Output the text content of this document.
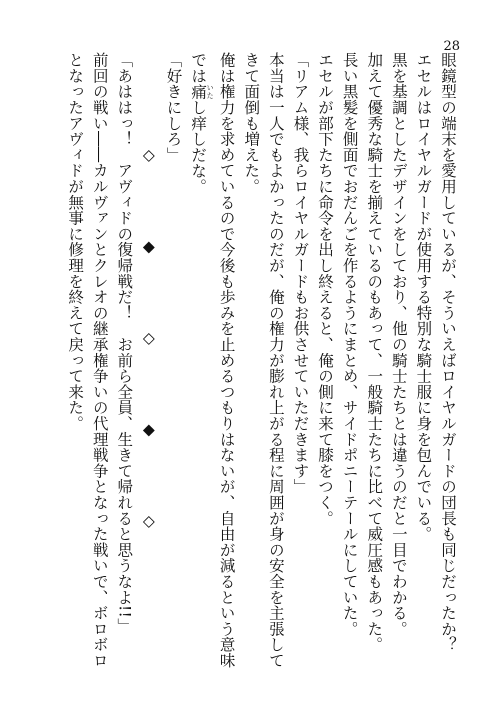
28
眼鏡型の端末を愛用しているが、そういえばロイヤルガードの団長も同じだったか？
エセルはロイヤルガードが使用する特別な騎士服に身を包んでいる。
黒を基調としたデザインをしており、他の騎士たちとは違うのだと一目でわかる。
加えて優秀な騎士を揃えているのもあって、一般騎士たちに比べて威圧感もあった。
長い黒髪を側面でおだんごを作るようにまとめ、サイドポニーテールにしていた。
エセルが部下たちに命令を出し終えると、俺の側に来て膝をつく。
「リアム様、我らロイヤルガードもお供させていただきます」
本当は一人でもよかったのだが、俺の権力が膨れ上がる程に周囲が身の安全を主張して
きて面倒も増えた。
俺は権力を求めているので今後も歩みを止めるつもりはないが、自由が減るという意味
では痛 いたし痒しだな。
「好きにしろ」
◇　◆　◇　◆　◇
「あははっ！　アヴィドの復帰戦だ！　お前ら全員、生きて帰れると思うなよ!!」
前回の戦い――カルヴァンとクレオの継承権争いの代理戦争となった戦いで、ボロボロ
となったアヴィドが無事に修理を終えて戻って来た。
